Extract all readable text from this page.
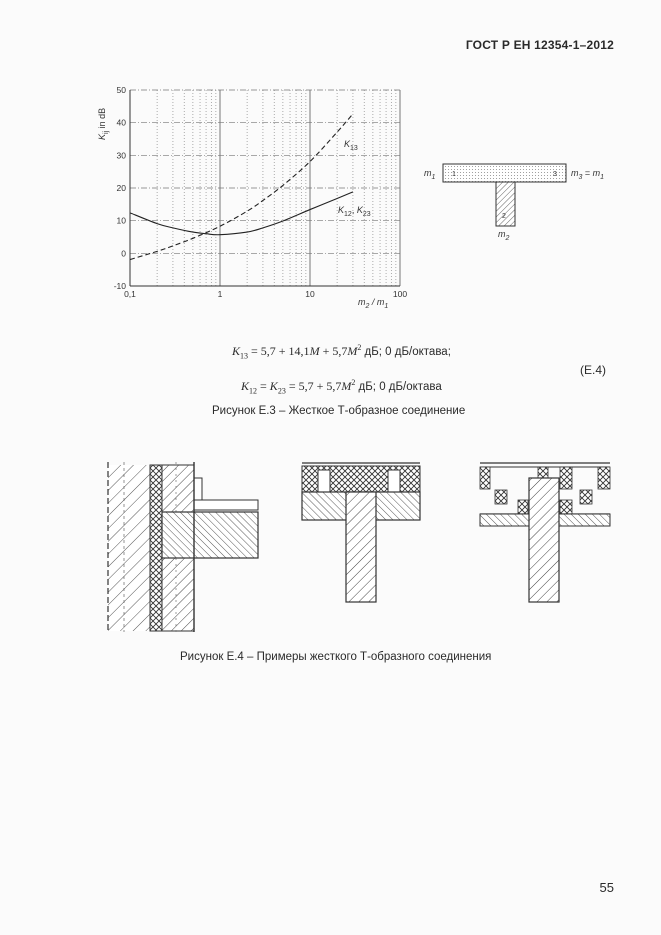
ГОСТ Р ЕН 12354-1–2012
-10
0
10
20
30
40
50
0,1	1	10	100
$K_{ij}$ in dB
$m_2 / m_1$
$K_{13}$
$K_{12}$, $K_{23}$
1	3
2
$m_1$	$m_3 = m_1$
$m_2$
$K_{13} = 5,7 + 14,1M + 5,7M^2$ дБ; 0 дБ/октава;
$K_{12} = K_{23} = 5,7 + 5,7M^2$ дБ; 0 дБ/октава
(E.4)
Рисунок Е.3 – Жесткое Т-образное соединение
Рисунок Е.4 – Примеры жесткого Т-образного соединения
55
